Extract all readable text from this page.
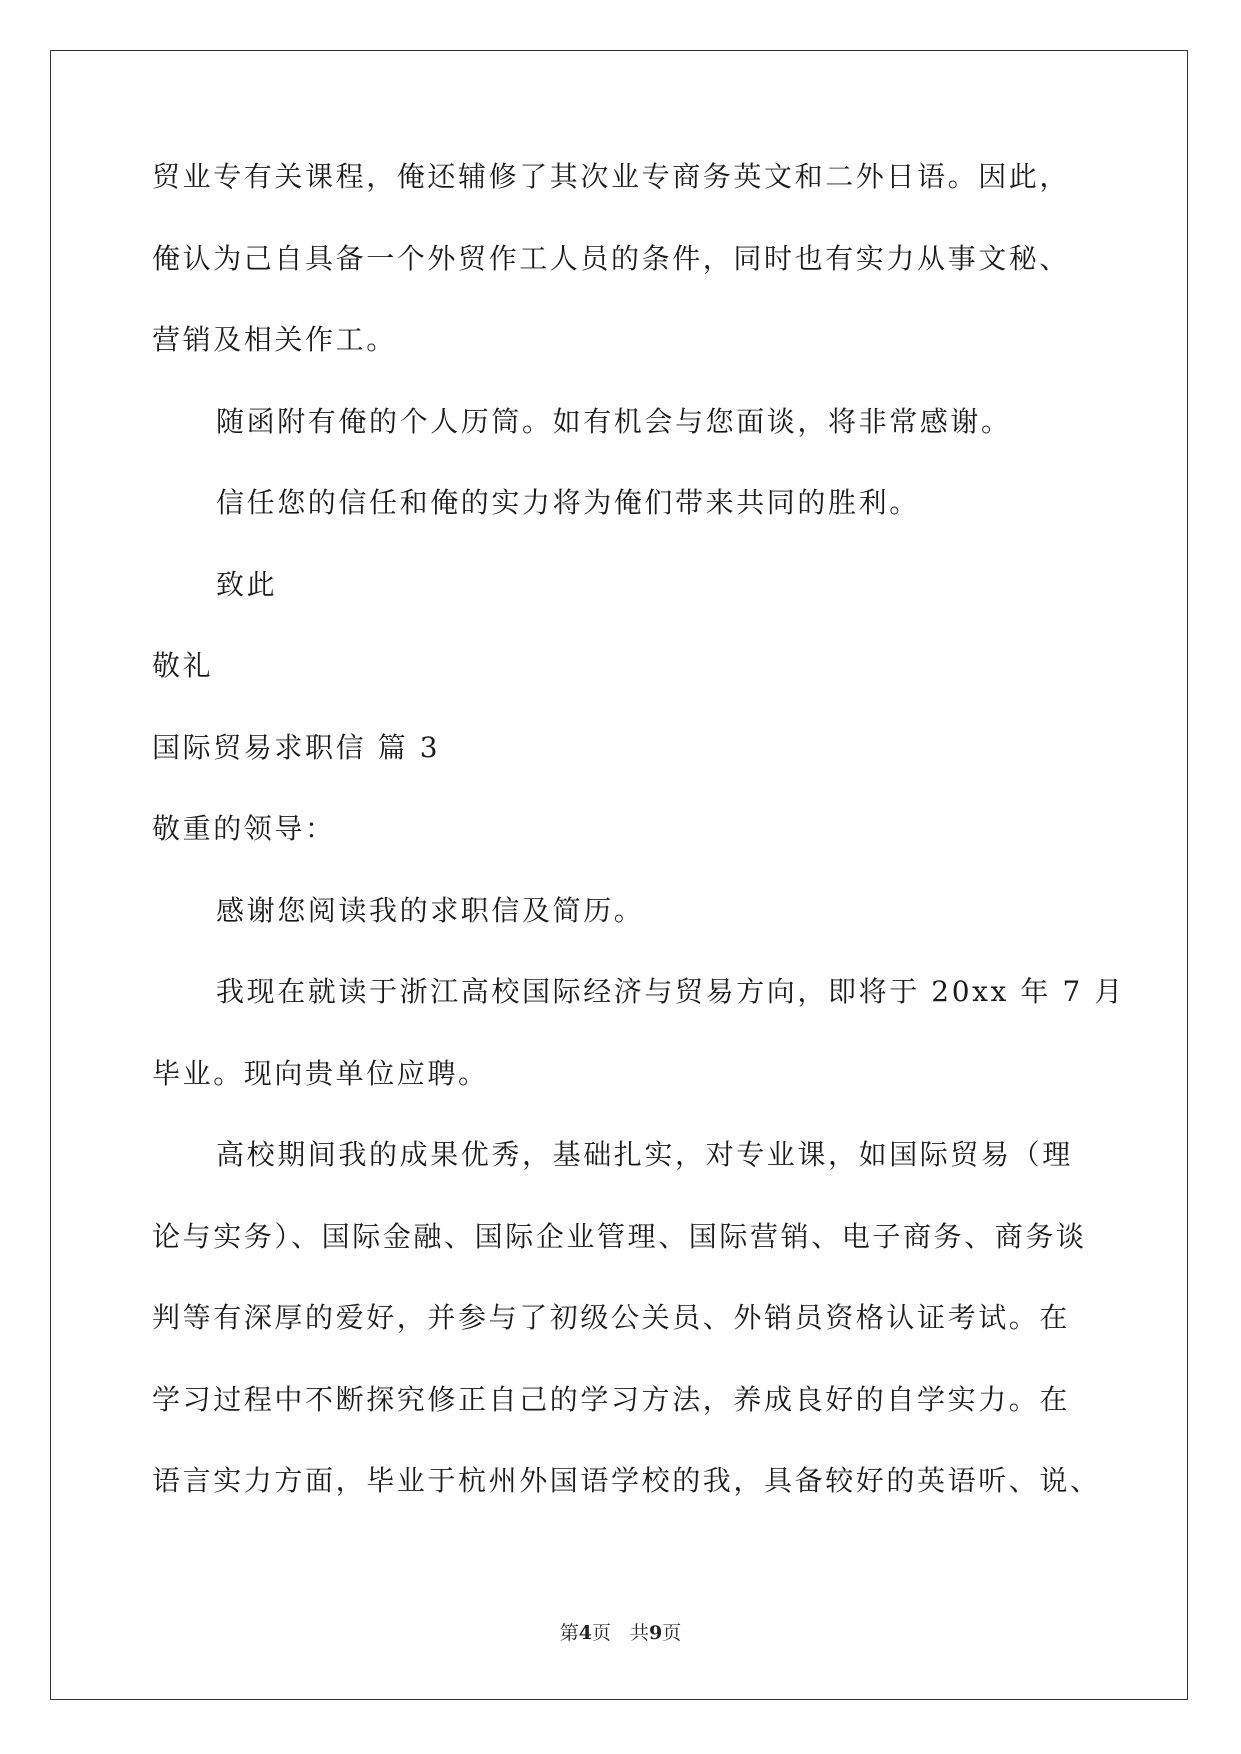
贸业专有关课程，俺还辅修了其次业专商务英文和二外日语。因此，
俺认为己自具备一个外贸作工人员的条件，同时也有实力从事文秘、
营销及相关作工。
随函附有俺的个人历筒。如有机会与您面谈，将非常感谢。
信任您的信任和俺的实力将为俺们带来共同的胜利。
致此
敬礼
国际贸易求职信 篇 3
敬重的领导：
感谢您阅读我的求职信及简历。
我现在就读于浙江高校国际经济与贸易方向，即将于 20xx 年 7 月
毕业。现向贵单位应聘。
高校期间我的成果优秀，基础扎实，对专业课，如国际贸易（理
论与实务）、国际金融、国际企业管理、国际营销、电子商务、商务谈
判等有深厚的爱好，并参与了初级公关员、外销员资格认证考试。在
学习过程中不断探究修正自己的学习方法，养成良好的自学实力。在
语言实力方面，毕业于杭州外国语学校的我，具备较好的英语听、说、
第4页　共9页
